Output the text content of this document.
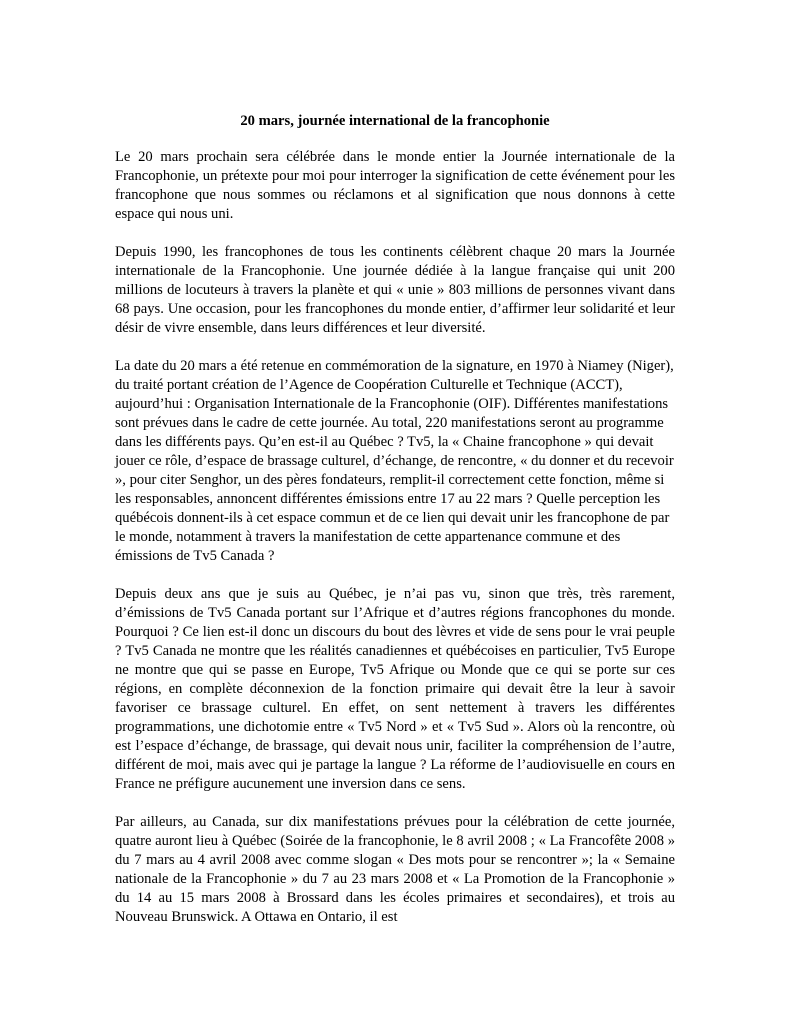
20 mars, journée international de la francophonie

Le 20 mars prochain sera célébrée dans le monde entier la Journée internationale de la Francophonie, un prétexte pour moi pour interroger la signification de cette événement pour les francophone que nous sommes ou réclamons et al signification que nous donnons à cette espace qui nous uni.

Depuis 1990, les francophones de tous les continents célèbrent chaque 20 mars la Journée internationale de la Francophonie. Une journée dédiée à la langue française qui unit 200 millions de locuteurs à travers la planète et qui « unie » 803 millions de personnes vivant dans 68 pays. Une occasion, pour les francophones du monde entier, d’affirmer leur solidarité et leur désir de vivre ensemble, dans leurs différences et leur diversité.

La date du 20 mars a été retenue en commémoration de la signature, en 1970 à Niamey (Niger), du traité portant création de l’Agence de Coopération Culturelle et Technique (ACCT), aujourd’hui : Organisation Internationale de la Francophonie (OIF). Différentes manifestations sont prévues dans le cadre de cette journée. Au total, 220 manifestations seront au programme dans les différents pays. Qu’en est-il au Québec ? Tv5, la « Chaine francophone » qui devait jouer ce rôle, d’espace de brassage culturel, d’échange, de rencontre, « du donner et du recevoir », pour citer Senghor, un des pères fondateurs, remplit-il correctement cette fonction, même si les responsables, annoncent différentes émissions entre 17 au 22 mars ? Quelle perception les québécois donnent-ils à cet espace commun et de ce lien qui devait unir les francophone de par le monde, notamment à travers la manifestation de cette appartenance commune et des émissions de Tv5 Canada ?

Depuis deux ans que je suis au Québec, je n’ai pas vu, sinon que très, très rarement, d’émissions de Tv5 Canada portant sur l’Afrique et d’autres régions francophones du monde. Pourquoi ? Ce lien est-il donc un discours du bout des lèvres et vide de sens pour le vrai peuple ? Tv5 Canada ne montre que les réalités canadiennes et québécoises en particulier, Tv5 Europe ne montre que qui se passe en Europe, Tv5 Afrique ou Monde que ce qui se porte sur ces régions, en complète déconnexion de la fonction primaire qui devait être la leur à savoir favoriser ce brassage culturel. En effet, on sent nettement à travers les différentes programmations, une dichotomie entre « Tv5 Nord » et « Tv5 Sud ». Alors où la rencontre, où est l’espace d’échange, de brassage, qui devait nous unir, faciliter la compréhension de l’autre, différent de moi, mais avec qui je partage la langue ? La réforme de l’audiovisuelle en cours en France ne préfigure aucunement une inversion dans ce sens.

Par ailleurs, au Canada, sur dix manifestations prévues pour la célébration de cette journée, quatre auront lieu à Québec (Soirée de la francophonie, le 8 avril 2008 ; « La Francofête 2008 » du 7 mars au 4 avril 2008 avec comme slogan « Des mots pour se rencontrer »; la « Semaine nationale de la Francophonie » du 7 au 23 mars 2008 et « La Promotion de la Francophonie » du 14 au 15 mars 2008 à Brossard dans les écoles primaires et secondaires), et trois au Nouveau Brunswick. A Ottawa en Ontario, il est
